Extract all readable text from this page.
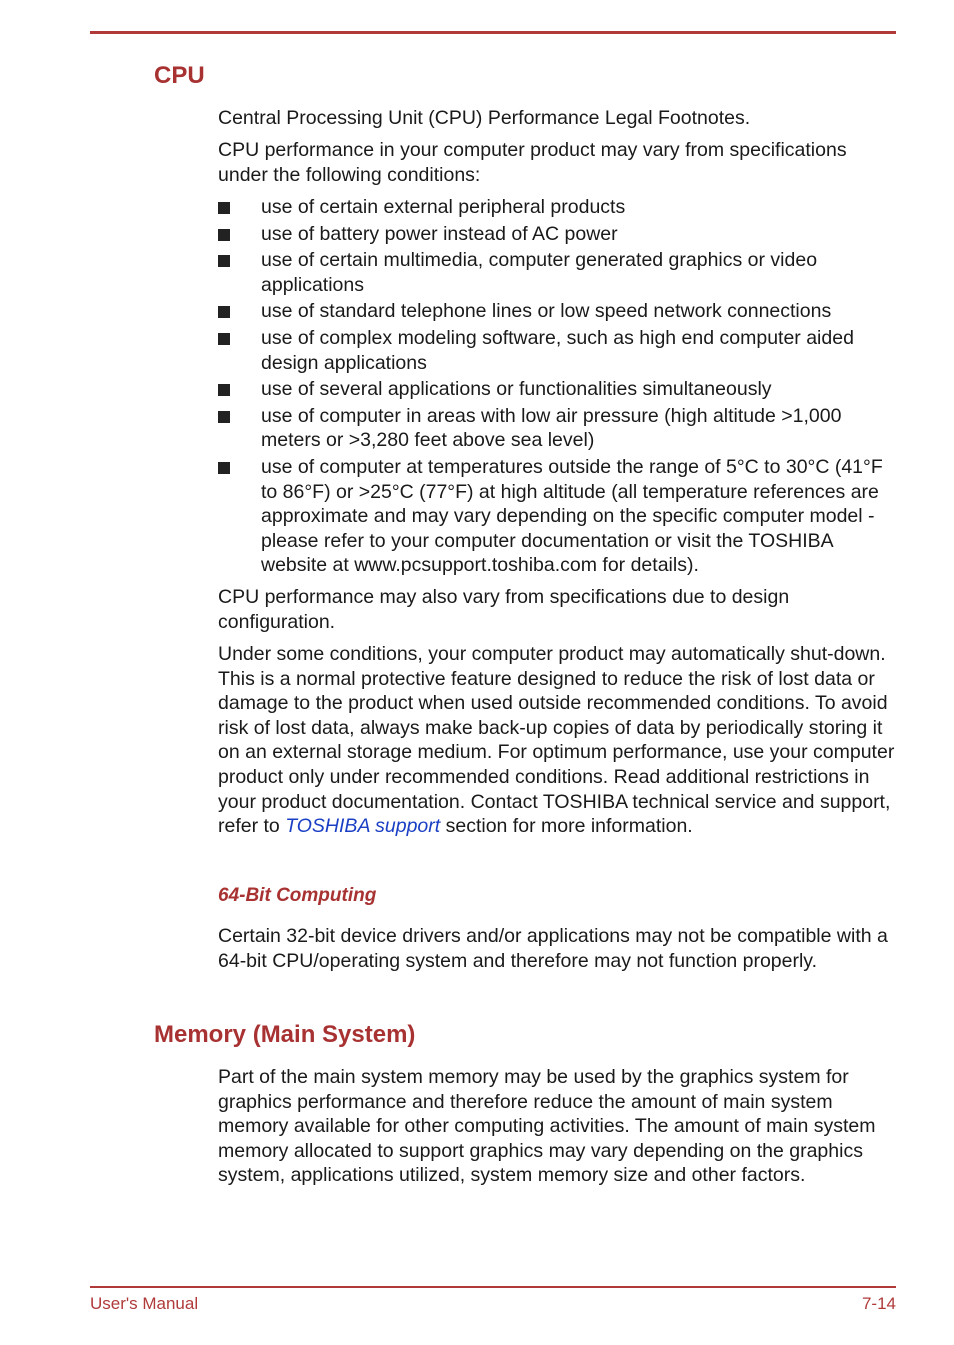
CPU

Central Processing Unit (CPU) Performance Legal Footnotes.

CPU performance in your computer product may vary from specifications under the following conditions:

use of certain external peripheral products
use of battery power instead of AC power
use of certain multimedia, computer generated graphics or video applications
use of standard telephone lines or low speed network connections
use of complex modeling software, such as high end computer aided design applications
use of several applications or functionalities simultaneously
use of computer in areas with low air pressure (high altitude >1,000 meters or >3,280 feet above sea level)
use of computer at temperatures outside the range of 5°C to 30°C (41°F to 86°F) or >25°C (77°F) at high altitude (all temperature references are approximate and may vary depending on the specific computer model - please refer to your computer documentation or visit the TOSHIBA website at www.pcsupport.toshiba.com for details).

CPU performance may also vary from specifications due to design configuration.

Under some conditions, your computer product may automatically shut-down. This is a normal protective feature designed to reduce the risk of lost data or damage to the product when used outside recommended conditions. To avoid risk of lost data, always make back-up copies of data by periodically storing it on an external storage medium. For optimum performance, use your computer product only under recommended conditions. Read additional restrictions in your product documentation. Contact TOSHIBA technical service and support, refer to TOSHIBA support section for more information.

64-Bit Computing

Certain 32-bit device drivers and/or applications may not be compatible with a 64-bit CPU/operating system and therefore may not function properly.

Memory (Main System)

Part of the main system memory may be used by the graphics system for graphics performance and therefore reduce the amount of main system memory available for other computing activities. The amount of main system memory allocated to support graphics may vary depending on the graphics system, applications utilized, system memory size and other factors.

User's Manual	7-14
